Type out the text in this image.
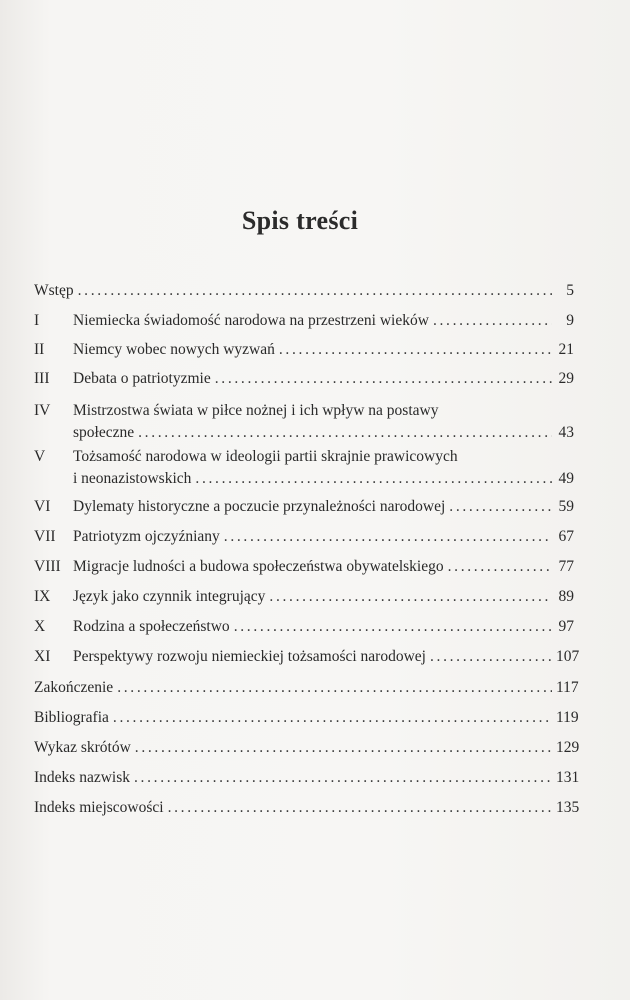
Spis treści
Wstęp . . .	5
I	Niemiecka świadomość narodowa na przestrzeni wieków . . .	9
II	Niemcy wobec nowych wyzwań . . .	21
III	Debata o patriotyzmie . . .	29
IV	Mistrzostwa świata w piłce nożnej i ich wpływ na postawy
społeczne . . .	43
V	Tożsamość narodowa w ideologii partii skrajnie prawicowych
i neonazistowskich . . .	49
VI	Dylematy historyczne a poczucie przynależności narodowej . . .	59
VII	Patriotyzm ojczyźniany . . .	67
VIII Migracje ludności a budowa społeczeństwa obywatelskiego . . .	77
IX	Język jako czynnik integrujący . . .	89
X	Rodzina a społeczeństwo . . .	97
XI	Perspektywy rozwoju niemieckiej tożsamości narodowej . . .	107
Zakończenie . . .	117
Bibliografia . . .	119
Wykaz skrótów . . .	129
Indeks nazwisk . . .	131
Indeks miejscowości . . .	135
